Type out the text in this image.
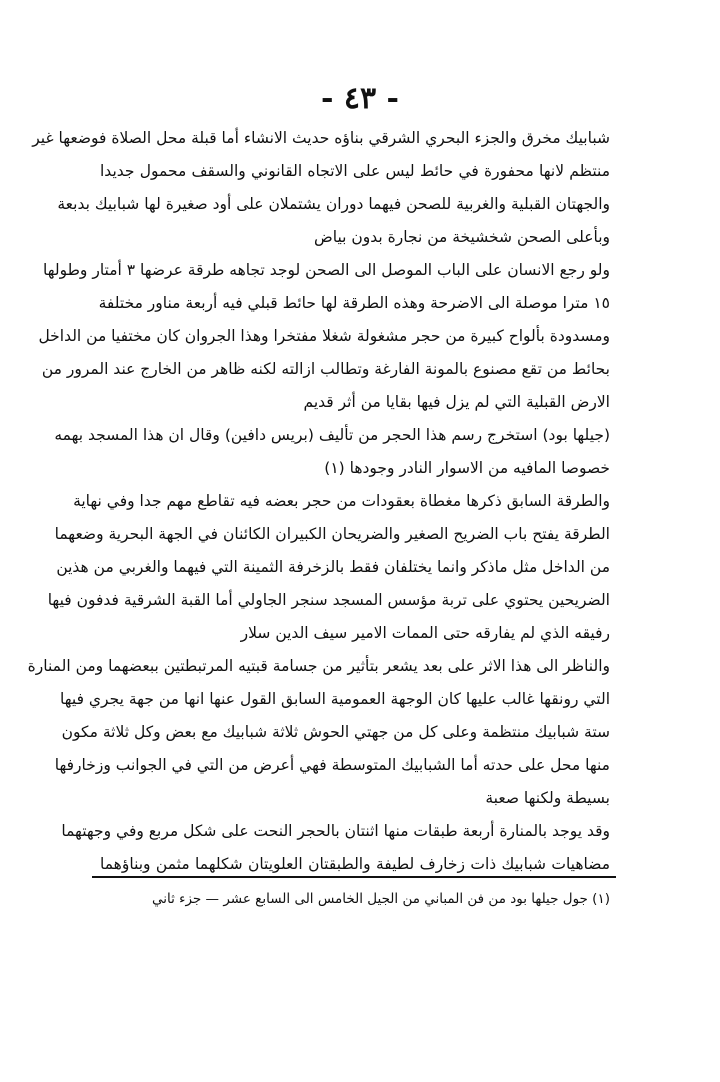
- ٤٣ -
شبابيك مخرق والجزء البحري الشرقي بناؤه حديث الانشاء أما قبلة محل الصلاة فوضعها غير
منتظم لانها محفورة في حائط ليس على الاتجاه القانوني والسقف محمول جديدا
والجهتان القبلية والغربية للصحن فيهما دوران يشتملان على أود صغيرة لها شبابيك بدبعة
وبأعلى الصحن شخشيخة من نجارة بدون بياض
ولو رجع الانسان على الباب الموصل الى الصحن لوجد تجاهه طرقة عرضها ٣ أمتار وطولها
١٥ مترا موصلة الى الاضرحة وهذه الطرقة لها حائط قبلي فيه أربعة مناور مختلفة
ومسدودة بألواح كبيرة من حجر مشغولة شغلا مفتخرا وهذا الجروان كان مختفيا من الداخل
بحائط من تقع مصنوع بالمونة الفارغة وتطالب ازالته لكنه ظاهر من الخارج عند المرور من
الارض القبلية التي لم يزل فيها بقايا من أثر قديم
(جيلها بود) استخرج رسم هذا الحجر من تأليف (بريس دافين) وقال ان هذا المسجد بهمه
خصوصا المافيه من الاسوار النادر وجودها (١)
والطرقة السابق ذكرها مغطاة بعقودات من حجر بعضه فيه تقاطع مهم جدا وفي نهاية
الطرقة يفتح باب الضريح الصغير والضريحان الكبيران الكائنان في الجهة البحرية وضعهما
من الداخل مثل ماذكر وانما يختلفان فقط بالزخرفة الثمينة التي فيهما والغربي من هذين
الضريحين يحتوي على تربة مؤسس المسجد سنجر الجاولي أما القبة الشرقية فدفون فيها
رفيقه الذي لم يفارقه حتى الممات الامير سيف الدين سلار
والناظر الى هذا الاثر على بعد يشعر بتأثير من جسامة قبتيه المرتبطتين ببعضهما ومن المنارة
التي رونقها غالب عليها كان الوجهة العمومية السابق القول عنها انها من جهة يجري فيها
ستة شبابيك منتظمة وعلى كل من جهتي الحوش ثلاثة شبابيك مع بعض وكل ثلاثة مكون
منها محل على حدته أما الشبابيك المتوسطة فهي أعرض من التي في الجوانب وزخارفها
بسيطة ولكنها صعبة
وقد يوجد بالمنارة أربعة طبقات منها اثنتان بالحجر النحت على شكل مربع وفي وجهتهما
مضاهيات شبابيك ذات زخارف لطيفة والطبقتان العلويتان شكلهما مثمن وبناؤهما
(١) جول جيلها بود من فن المباني من الجيل الخامس الى السابع عشر — جزء ثاني
